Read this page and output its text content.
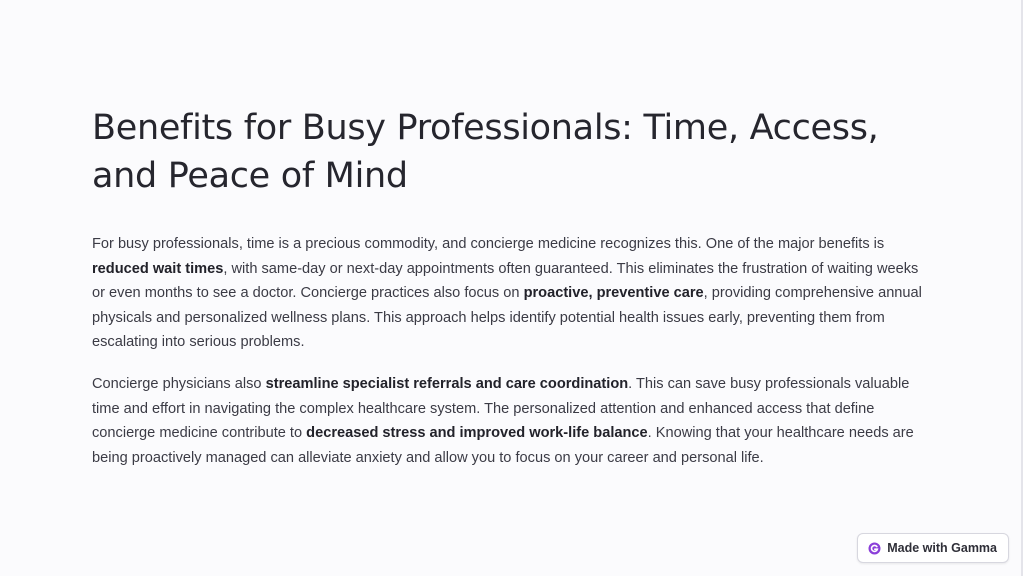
Benefits for Busy Professionals: Time, Access, and Peace of Mind

For busy professionals, time is a precious commodity, and concierge medicine recognizes this. One of the major benefits is reduced wait times, with same-day or next-day appointments often guaranteed. This eliminates the frustration of waiting weeks or even months to see a doctor. Concierge practices also focus on proactive, preventive care, providing comprehensive annual physicals and personalized wellness plans. This approach helps identify potential health issues early, preventing them from escalating into serious problems.

Concierge physicians also streamline specialist referrals and care coordination. This can save busy professionals valuable time and effort in navigating the complex healthcare system. The personalized attention and enhanced access that define concierge medicine contribute to decreased stress and improved work-life balance. Knowing that your healthcare needs are being proactively managed can alleviate anxiety and allow you to focus on your career and personal life.

Made with Gamma
